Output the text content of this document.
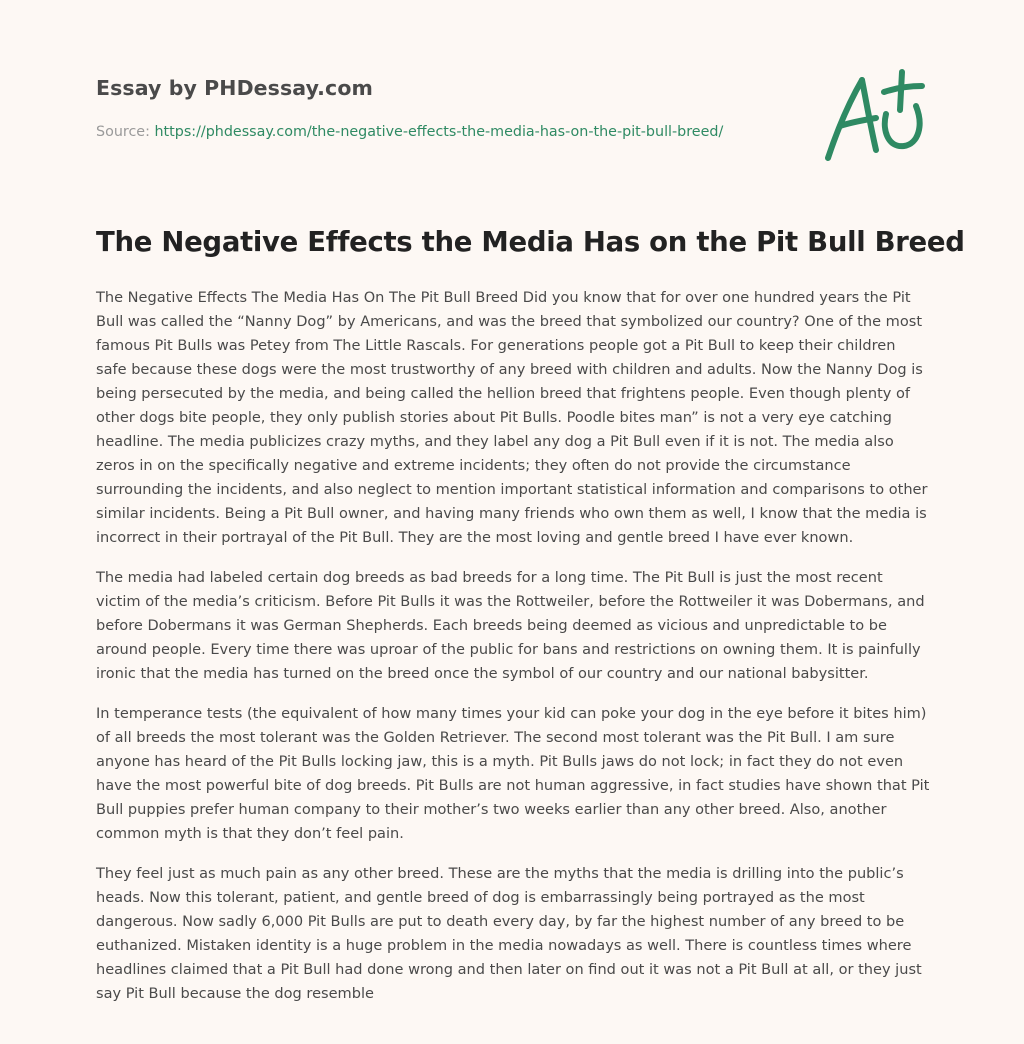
Essay by PHDessay.com

Source: https://phdessay.com/the-negative-effects-the-media-has-on-the-pit-bull-breed/

The Negative Effects the Media Has on the Pit Bull Breed

The Negative Effects The Media Has On The Pit Bull Breed Did you know that for over one hundred years the Pit Bull was called the “Nanny Dog” by Americans, and was the breed that symbolized our country? One of the most famous Pit Bulls was Petey from The Little Rascals. For generations people got a Pit Bull to keep their children safe because these dogs were the most trustworthy of any breed with children and adults. Now the Nanny Dog is being persecuted by the media, and being called the hellion breed that frightens people. Even though plenty of other dogs bite people, they only publish stories about Pit Bulls. Poodle bites man” is not a very eye catching headline. The media publicizes crazy myths, and they label any dog a Pit Bull even if it is not. The media also zeros in on the specifically negative and extreme incidents; they often do not provide the circumstance surrounding the incidents, and also neglect to mention important statistical information and comparisons to other similar incidents. Being a Pit Bull owner, and having many friends who own them as well, I know that the media is incorrect in their portrayal of the Pit Bull. They are the most loving and gentle breed I have ever known.

The media had labeled certain dog breeds as bad breeds for a long time. The Pit Bull is just the most recent victim of the media’s criticism. Before Pit Bulls it was the Rottweiler, before the Rottweiler it was Dobermans, and before Dobermans it was German Shepherds. Each breeds being deemed as vicious and unpredictable to be around people. Every time there was uproar of the public for bans and restrictions on owning them. It is painfully ironic that the media has turned on the breed once the symbol of our country and our national babysitter.

In temperance tests (the equivalent of how many times your kid can poke your dog in the eye before it bites him) of all breeds the most tolerant was the Golden Retriever. The second most tolerant was the Pit Bull. I am sure anyone has heard of the Pit Bulls locking jaw, this is a myth. Pit Bulls jaws do not lock; in fact they do not even have the most powerful bite of dog breeds. Pit Bulls are not human aggressive, in fact studies have shown that Pit Bull puppies prefer human company to their mother’s two weeks earlier than any other breed. Also, another common myth is that they don’t feel pain.

They feel just as much pain as any other breed. These are the myths that the media is drilling into the public’s heads. Now this tolerant, patient, and gentle breed of dog is embarrassingly being portrayed as the most dangerous. Now sadly 6,000 Pit Bulls are put to death every day, by far the highest number of any breed to be euthanized. Mistaken identity is a huge problem in the media nowadays as well. There is countless times where headlines claimed that a Pit Bull had done wrong and then later on find out it was not a Pit Bull at all, or they just say Pit Bull because the dog resemble
